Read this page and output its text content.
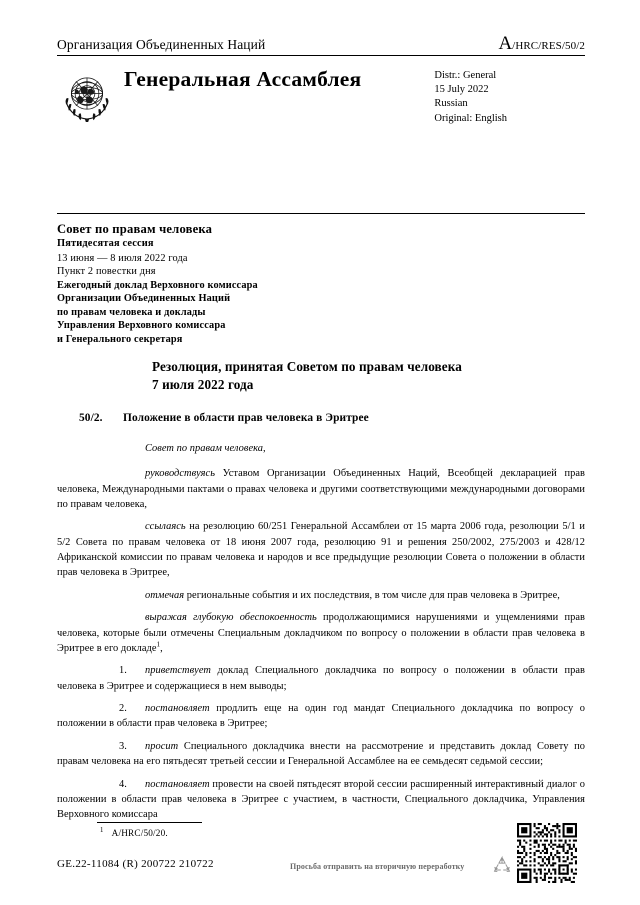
Организация Объединенных Наций	A/HRC/RES/50/2
Генеральная Ассамблея	Distr.: General
15 July 2022
Russian
Original: English
Совет по правам человека
Пятидесятая сессия
13 июня — 8 июля 2022 года
Пункт 2 повестки дня
Ежегодный доклад Верховного комиссара
Организации Объединенных Наций
по правам человека и доклады
Управления Верховного комиссара
и Генерального секретаря
Резолюция, принятая Советом по правам человека
7 июля 2022 года
50/2. Положение в области прав человека в Эритрее

Совет по правам человека,

руководствуясь Уставом Организации Объединенных Наций, Всеобщей декларацией прав человека, Международными пактами о правах человека и другими соответствующими международными договорами по правам человека,

ссылаясь на резолюцию 60/251 Генеральной Ассамблеи от 15 марта 2006 года, резолюции 5/1 и 5/2 Совета по правам человека от 18 июня 2007 года, резолюцию 91 и решения 250/2002, 275/2003 и 428/12 Африканской комиссии по правам человека и народов и все предыдущие резолюции Совета о положении в области прав человека в Эритрее,

отмечая региональные события и их последствия, в том числе для прав человека в Эритрее,

выражая глубокую обеспокоенность продолжающимися нарушениями и ущемлениями прав человека, которые были отмечены Специальным докладчиком по вопросу о положении в области прав человека в Эритрее в его докладе$^1$,

1. приветствует доклад Специального докладчика по вопросу о положении в области прав человека в Эритрее и содержащиеся в нем выводы;

2. постановляет продлить еще на один год мандат Специального докладчика по вопросу о положении в области прав человека в Эритрее;

3. просит Специального докладчика внести на рассмотрение и представить доклад Совету по правам человека на его пятьдесят третьей сессии и Генеральной Ассамблее на ее семьдесят седьмой сессии;

4. постановляет провести на своей пятьдесят второй сессии расширенный интерактивный диалог о положении в области прав человека в Эритрее с участием, в частности, Специального докладчика, Управления Верховного комиссара

$^1$ A/HRC/50/20.
GE.22-11084 (R) 200722 210722	Просьба отправить на вторичную переработку
